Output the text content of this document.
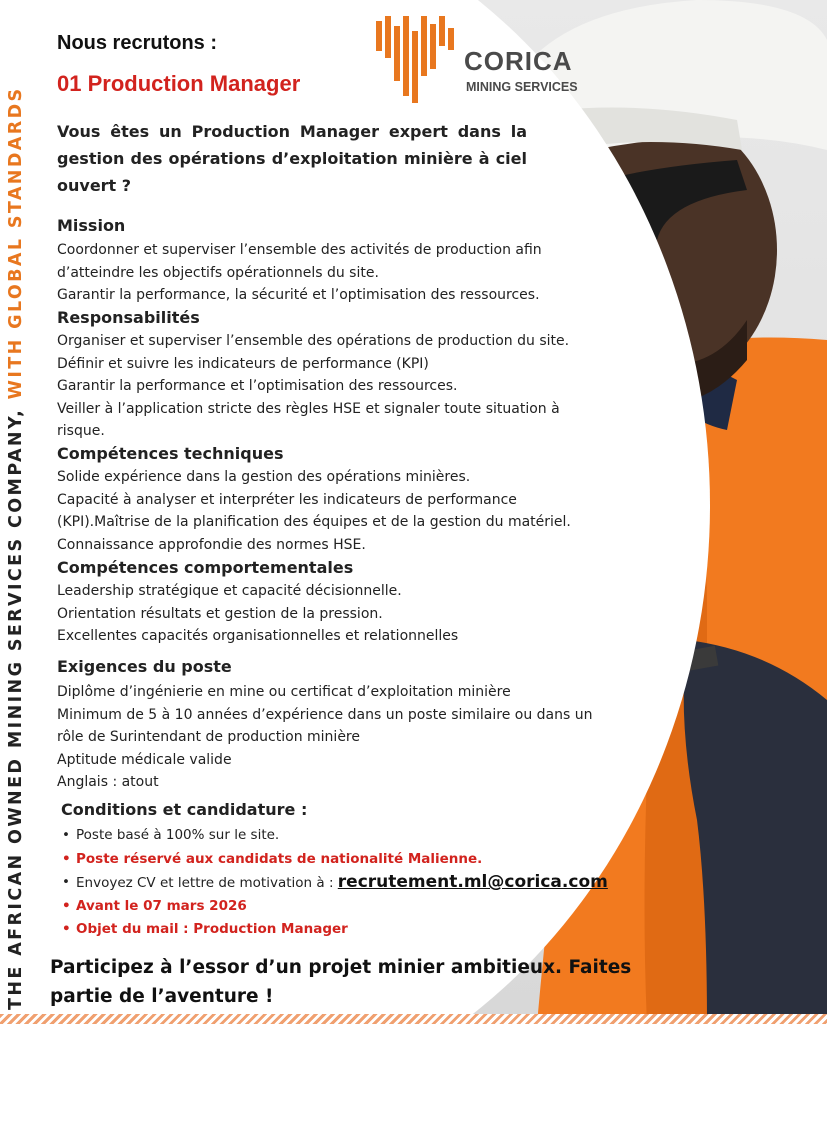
THE AFRICAN OWNED MINING SERVICES COMPANY, WITH GLOBAL STANDARDS
Nous recrutons :
01 Production Manager
CORICA
MINING SERVICES
Vous êtes un Production Manager expert dans la gestion des opérations d’exploitation minière à ciel ouvert ?
Mission
Coordonner et superviser l’ensemble des activités de production afin
d’atteindre les objectifs opérationnels du site.
Garantir la performance, la sécurité et l’optimisation des ressources.
Responsabilités
Organiser et superviser l’ensemble des opérations de production du site.
Définir et suivre les indicateurs de performance (KPI)
Garantir la performance et l’optimisation des ressources.
Veiller à l’application stricte des règles HSE et signaler toute situation à
risque.
Compétences techniques
Solide expérience dans la gestion des opérations minières.
Capacité à analyser et interpréter les indicateurs de performance
(KPI).Maîtrise de la planification des équipes et de la gestion du matériel.
Connaissance approfondie des normes HSE.
Compétences comportementales
Leadership stratégique et capacité décisionnelle.
Orientation résultats et gestion de la pression.
Excellentes capacités organisationnelles et relationnelles
Exigences du poste
Diplôme d’ingénierie en mine ou certificat d’exploitation minière
Minimum de 5 à 10 années d’expérience dans un poste similaire ou dans un
rôle de Surintendant de production minière
Aptitude médicale valide
Anglais : atout
Conditions et candidature :
• Poste basé à 100% sur le site.
• Poste réservé aux candidats de nationalité Malienne.
• Envoyez CV et lettre de motivation à : recrutement.ml@corica.com
• Avant le 07 mars 2026
• Objet du mail : Production Manager
Participez à l’essor d’un projet minier ambitieux. Faites partie de l’aventure !
